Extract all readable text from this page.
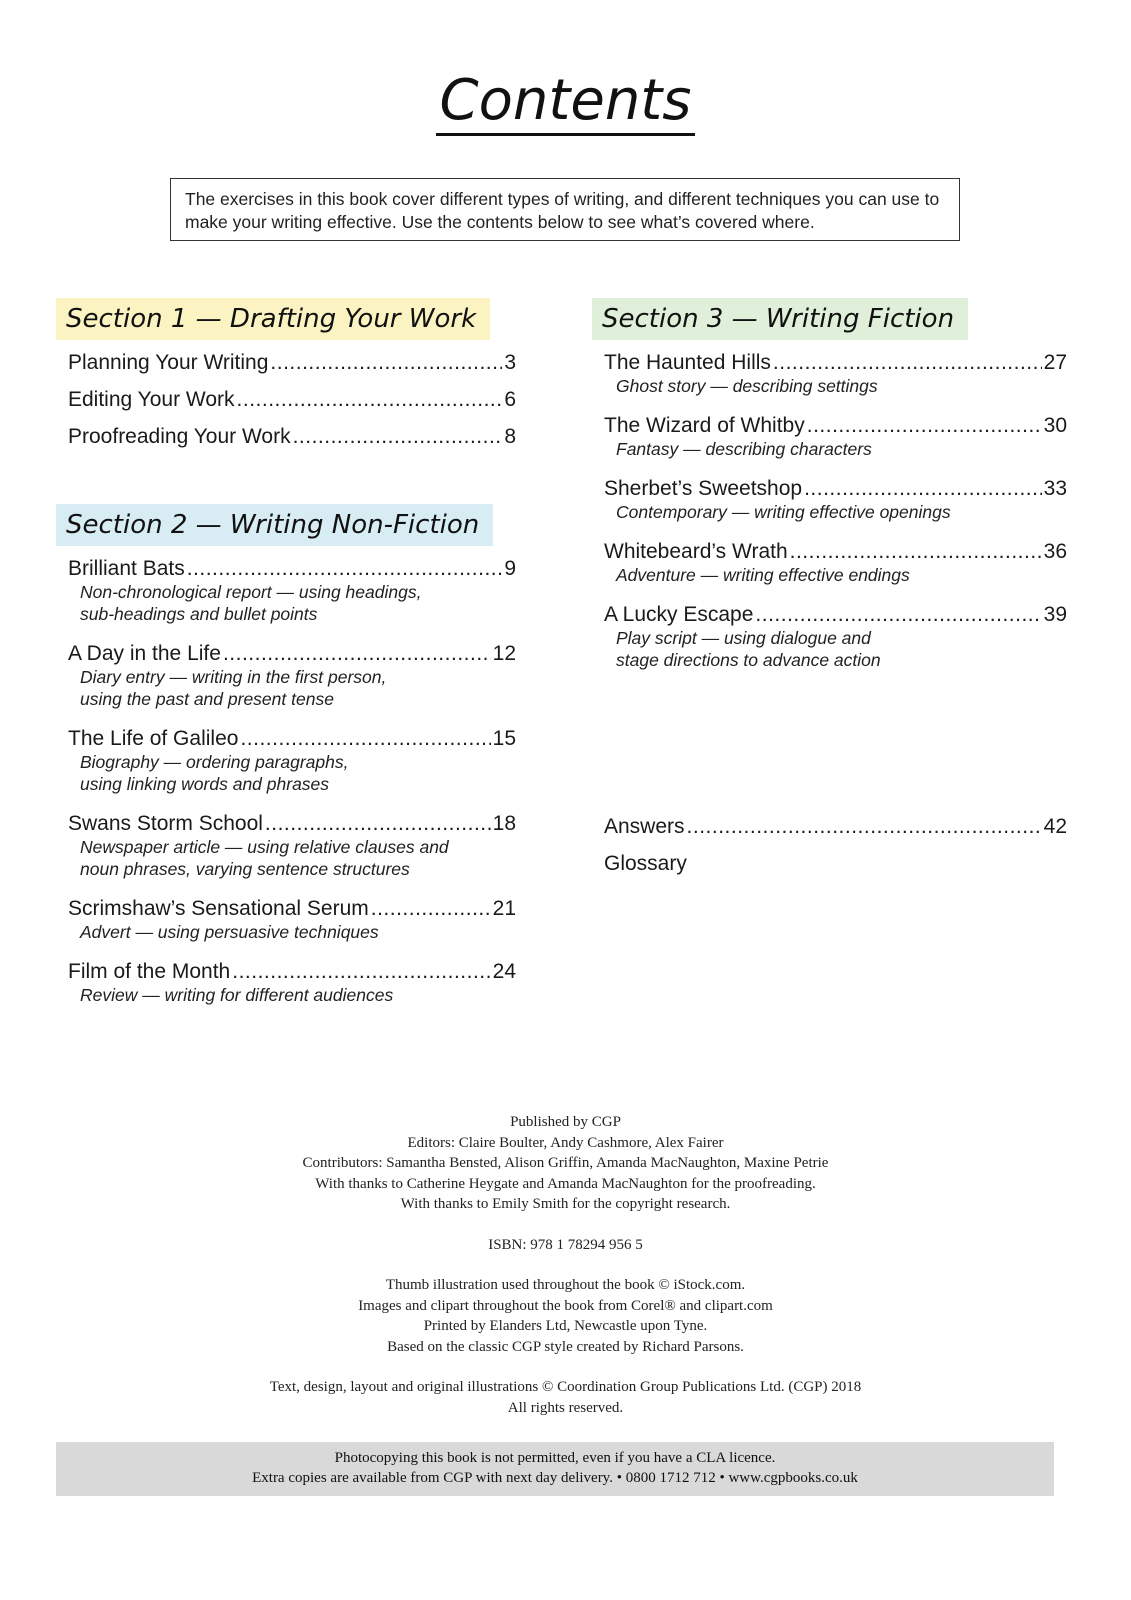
Contents
The exercises in this book cover different types of writing, and different techniques you can use to make your writing effective. Use the contents below to see what’s covered where.
Section 1 — Drafting Your Work
Planning Your Writing .....	3
Editing Your Work .....	6
Proofreading Your Work .....	8
Section 2 — Writing Non-Fiction
Brilliant Bats .....	9
Non-chronological report — using headings,
sub-headings and bullet points
A Day in the Life .....	12
Diary entry — writing in the first person,
using the past and present tense
The Life of Galileo .....	15
Biography — ordering paragraphs,
using linking words and phrases
Swans Storm School .....	18
Newspaper article — using relative clauses and
noun phrases, varying sentence structures
Scrimshaw’s Sensational Serum .....	21
Advert — using persuasive techniques
Film of the Month .....	24
Review — writing for different audiences
Section 3 — Writing Fiction
The Haunted Hills .....	27
Ghost story — describing settings
The Wizard of Whitby .....	30
Fantasy — describing characters
Sherbet’s Sweetshop .....	33
Contemporary — writing effective openings
Whitebeard’s Wrath .....	36
Adventure — writing effective endings
A Lucky Escape .....	39
Play script — using dialogue and
stage directions to advance action
Answers .....	42
Glossary
Published by CGP
Editors: Claire Boulter, Andy Cashmore, Alex Fairer
Contributors: Samantha Bensted, Alison Griffin, Amanda MacNaughton, Maxine Petrie
With thanks to Catherine Heygate and Amanda MacNaughton for the proofreading.
With thanks to Emily Smith for the copyright research.
ISBN: 978 1 78294 956 5
Thumb illustration used throughout the book © iStock.com.
Images and clipart throughout the book from Corel® and clipart.com
Printed by Elanders Ltd, Newcastle upon Tyne.
Based on the classic CGP style created by Richard Parsons.
Text, design, layout and original illustrations © Coordination Group Publications Ltd. (CGP) 2018
All rights reserved.
Photocopying this book is not permitted, even if you have a CLA licence.
Extra copies are available from CGP with next day delivery. • 0800 1712 712 • www.cgpbooks.co.uk
